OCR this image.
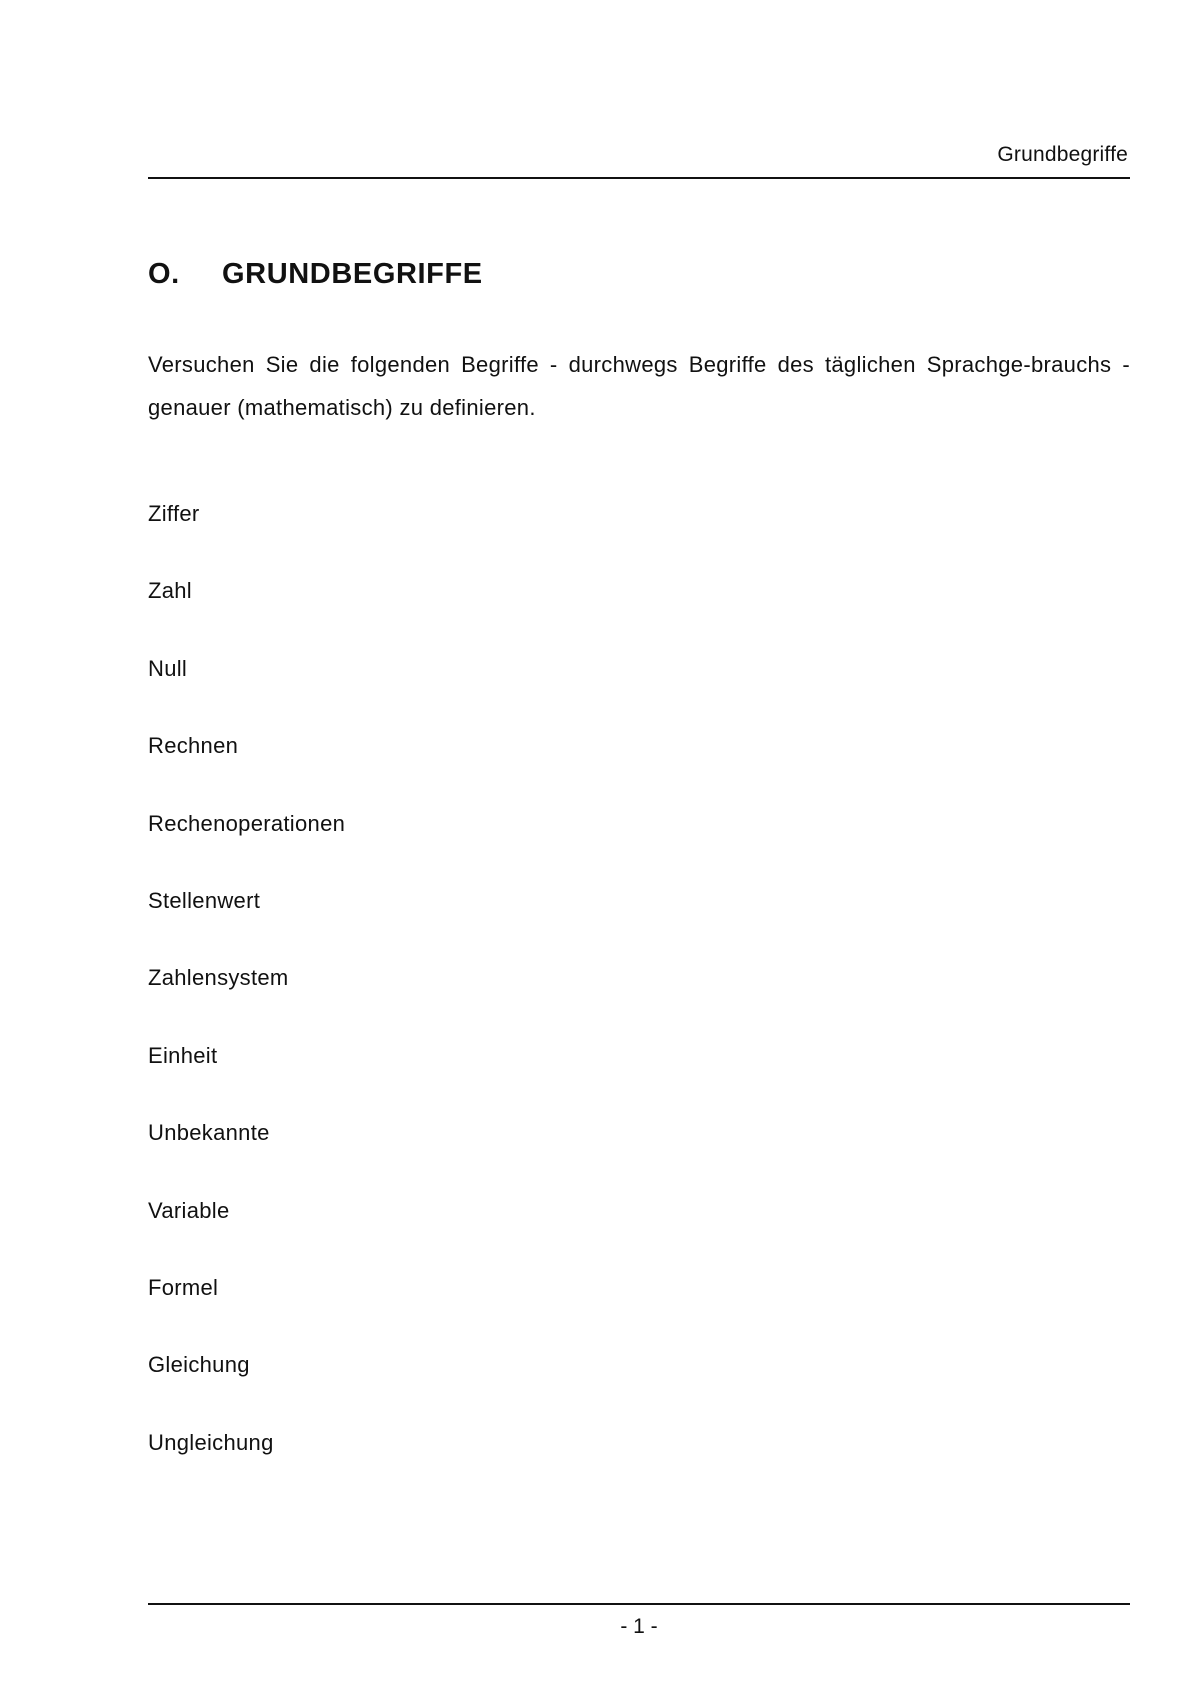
Grundbegriffe
O. GRUNDBEGRIFFE

Versuchen Sie die folgenden Begriffe - durchwegs Begriffe des täglichen Sprachge-brauchs - genauer (mathematisch) zu definieren.

Ziffer
Zahl
Null
Rechnen
Rechenoperationen
Stellenwert
Zahlensystem
Einheit
Unbekannte
Variable
Formel
Gleichung
Ungleichung
- 1 -
